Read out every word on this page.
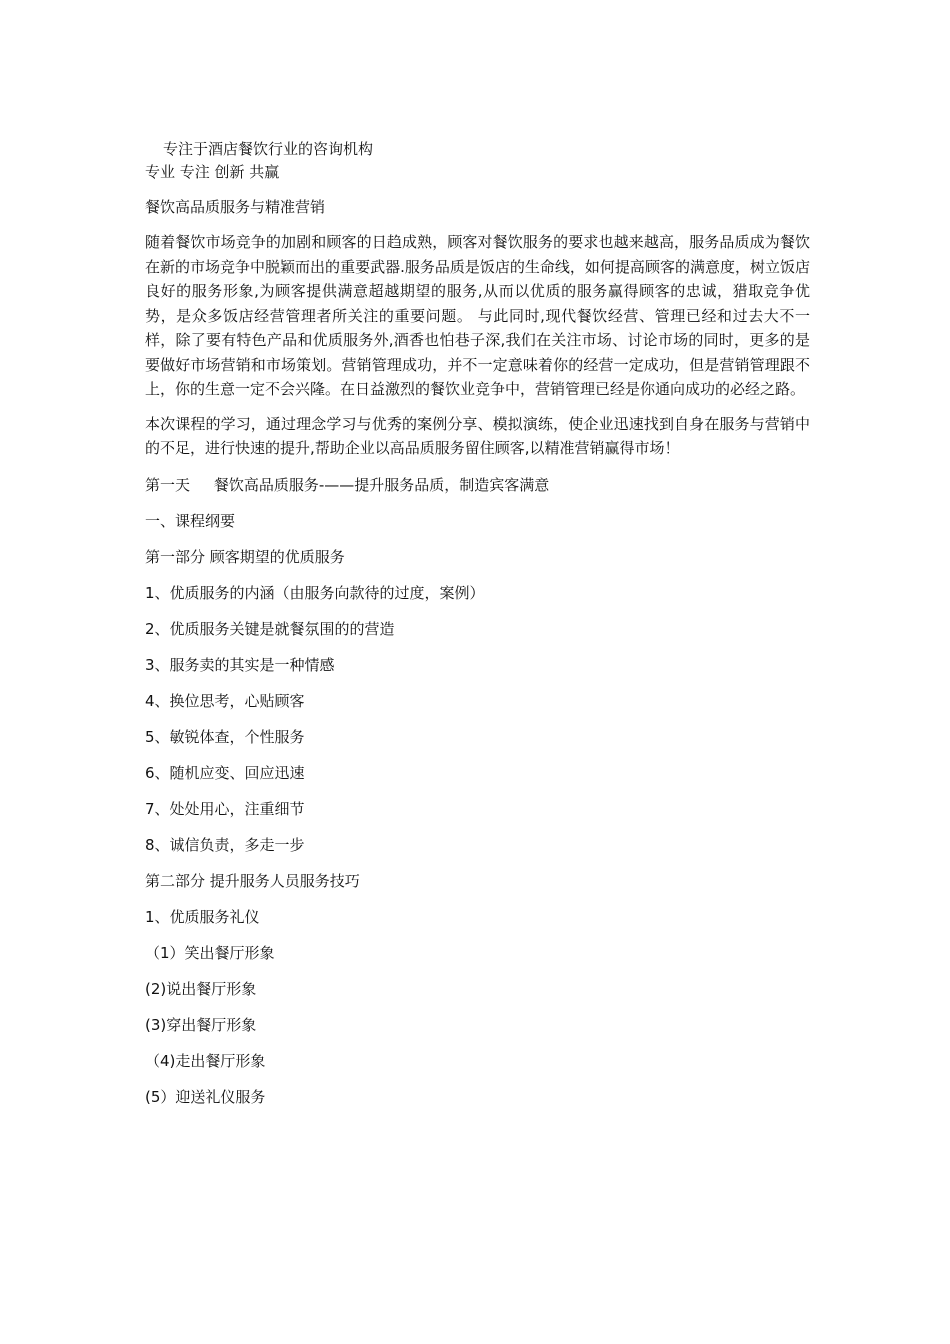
专注于酒店餐饮行业的咨询机构

专业 专注 创新 共赢

餐饮高品质服务与精准营销

随着餐饮市场竞争的加剧和顾客的日趋成熟，顾客对餐饮服务的要求也越来越高，服务品质成为餐饮在新的市场竞争中脱颖而出的重要武器.服务品质是饭店的生命线，如何提高顾客的满意度，树立饭店良好的服务形象,为顾客提供满意超越期望的服务,从而以优质的服务赢得顾客的忠诚，猎取竞争优势，是众多饭店经营管理者所关注的重要问题。 与此同时,现代餐饮经营、管理已经和过去大不一样，除了要有特色产品和优质服务外,酒香也怕巷子深,我们在关注市场、讨论市场的同时，更多的是要做好市场营销和市场策划。营销管理成功，并不一定意味着你的经营一定成功，但是营销管理跟不上，你的生意一定不会兴隆。在日益激烈的餐饮业竞争中，营销管理已经是你通向成功的必经之路。

本次课程的学习，通过理念学习与优秀的案例分享、模拟演练，使企业迅速找到自身在服务与营销中的不足，进行快速的提升,帮助企业以高品质服务留住顾客,以精准营销赢得市场！

第一天     餐饮高品质服务-——提升服务品质，制造宾客满意

一、课程纲要

第一部分 顾客期望的优质服务

1、优质服务的内涵（由服务向款待的过度，案例）

2、优质服务关键是就餐氛围的的营造

3、服务卖的其实是一种情感

4、换位思考，心贴顾客

5、敏锐体查，个性服务

6、随机应变、回应迅速

7、处处用心，注重细节

8、诚信负责，多走一步

第二部分 提升服务人员服务技巧

1、优质服务礼仪

（1）笑出餐厅形象

(2)说出餐厅形象

(3)穿出餐厅形象

（4)走出餐厅形象

(5）迎送礼仪服务
